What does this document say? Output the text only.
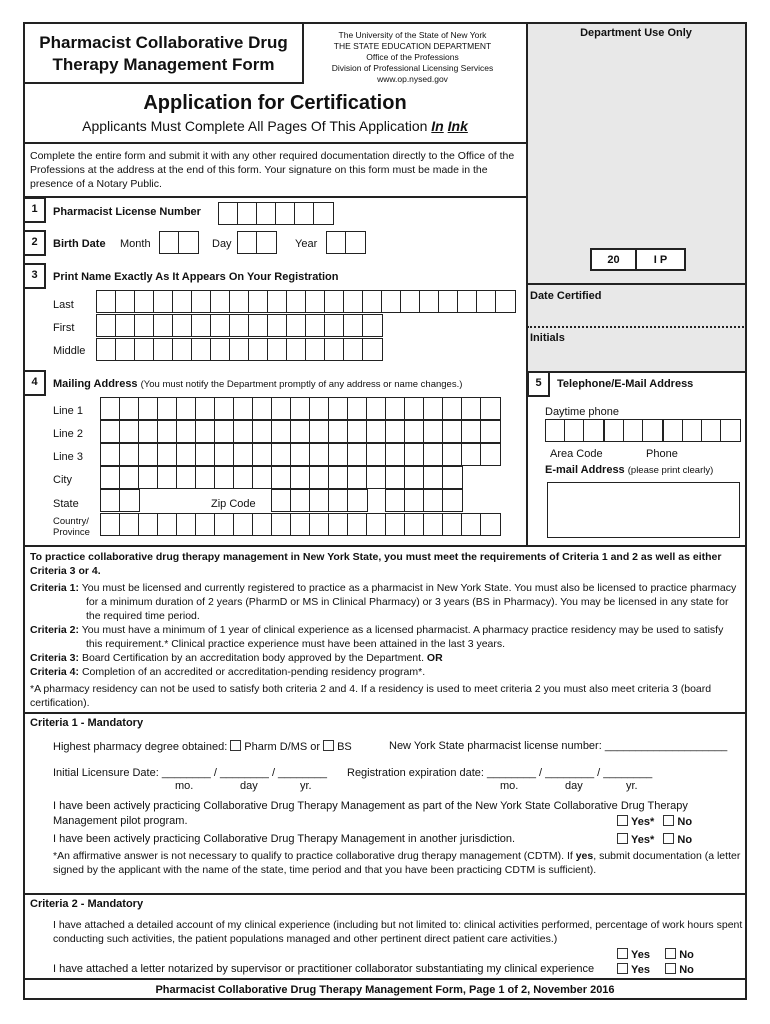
Department Use Only
20	I P
Date Certified
Initials
Pharmacist Collaborative Drug
Therapy Management Form
The University of the State of New York
THE STATE EDUCATION DEPARTMENT
Office of the Professions
Division of Professional Licensing Services
www.op.nysed.gov
Application for Certification
Applicants Must Complete All Pages Of This Application In Ink
Complete the entire form and submit it with any other required documentation directly to the Office of the Professions at the address at the end of this form. Your signature on this form must be made in the presence of a Notary Public.
1	Pharmacist License Number
2	Birth Date Month	Day	Year
3	Print Name Exactly As It Appears On Your Registration
Last
First
Middle
4	Mailing Address (You must notify the Department promptly of any address or name changes.)
Line 1
Line 2
Line 3
City
State	Zip Code
Country/
Province
5	Telephone/E-Mail Address
Daytime phone
Area Code	Phone
E-mail Address (please print clearly)
To practice collaborative drug therapy management in New York State, you must meet the requirements of Criteria 1 and 2 as well as either Criteria 3 or 4.
Criteria 1: You must be licensed and currently registered to practice as a pharmacist in New York State. You must also be licensed to practice pharmacy for a minimum duration of 2 years (PharmD or MS in Clinical Pharmacy) or 3 years (BS in Pharmacy). You may be licensed in any state for the required time period.
Criteria 2: You must have a minimum of 1 year of clinical experience as a licensed pharmacist. A pharmacy practice residency may be used to satisfy this requirement.* Clinical practice experience must have been attained in the last 3 years.
Criteria 3: Board Certification by an accreditation body approved by the Department. OR
Criteria 4: Completion of an accredited or accreditation-pending residency program*.
*A pharmacy residency can not be used to satisfy both criteria 2 and 4. If a residency is used to meet criteria 2 you must also meet criteria 3 (board certification).
Criteria 1 - Mandatory
Highest pharmacy degree obtained: Pharm D/MS or BS	New York State pharmacist license number: ____________________
Initial Licensure Date: ________ / ________ / ________ Registration expiration date: ________ / ________ / ________
mo.	day	yr.	mo.	day	yr.
I have been actively practicing Collaborative Drug Therapy Management as part of the New York State Collaborative Drug Therapy
Management pilot program.	Yes* No
I have been actively practicing Collaborative Drug Therapy Management in another jurisdiction.	Yes* No
*An affirmative answer is not necessary to qualify to practice collaborative drug therapy management (CDTM). If yes, submit documentation (a letter signed by the applicant with the name of the state, time period and that you have been practicing CDTM is sufficient).
Criteria 2 - Mandatory
I have attached a detailed account of my clinical experience (including but not limited to: clinical activities performed, percentage of work hours spent conducting such activities, the patient populations managed and other pertinent direct patient care activities.)
Yes	No
I have attached a letter notarized by supervisor or practitioner collaborator substantiating my clinical experience	Yes	No
Pharmacist Collaborative Drug Therapy Management Form, Page 1 of 2, November 2016
